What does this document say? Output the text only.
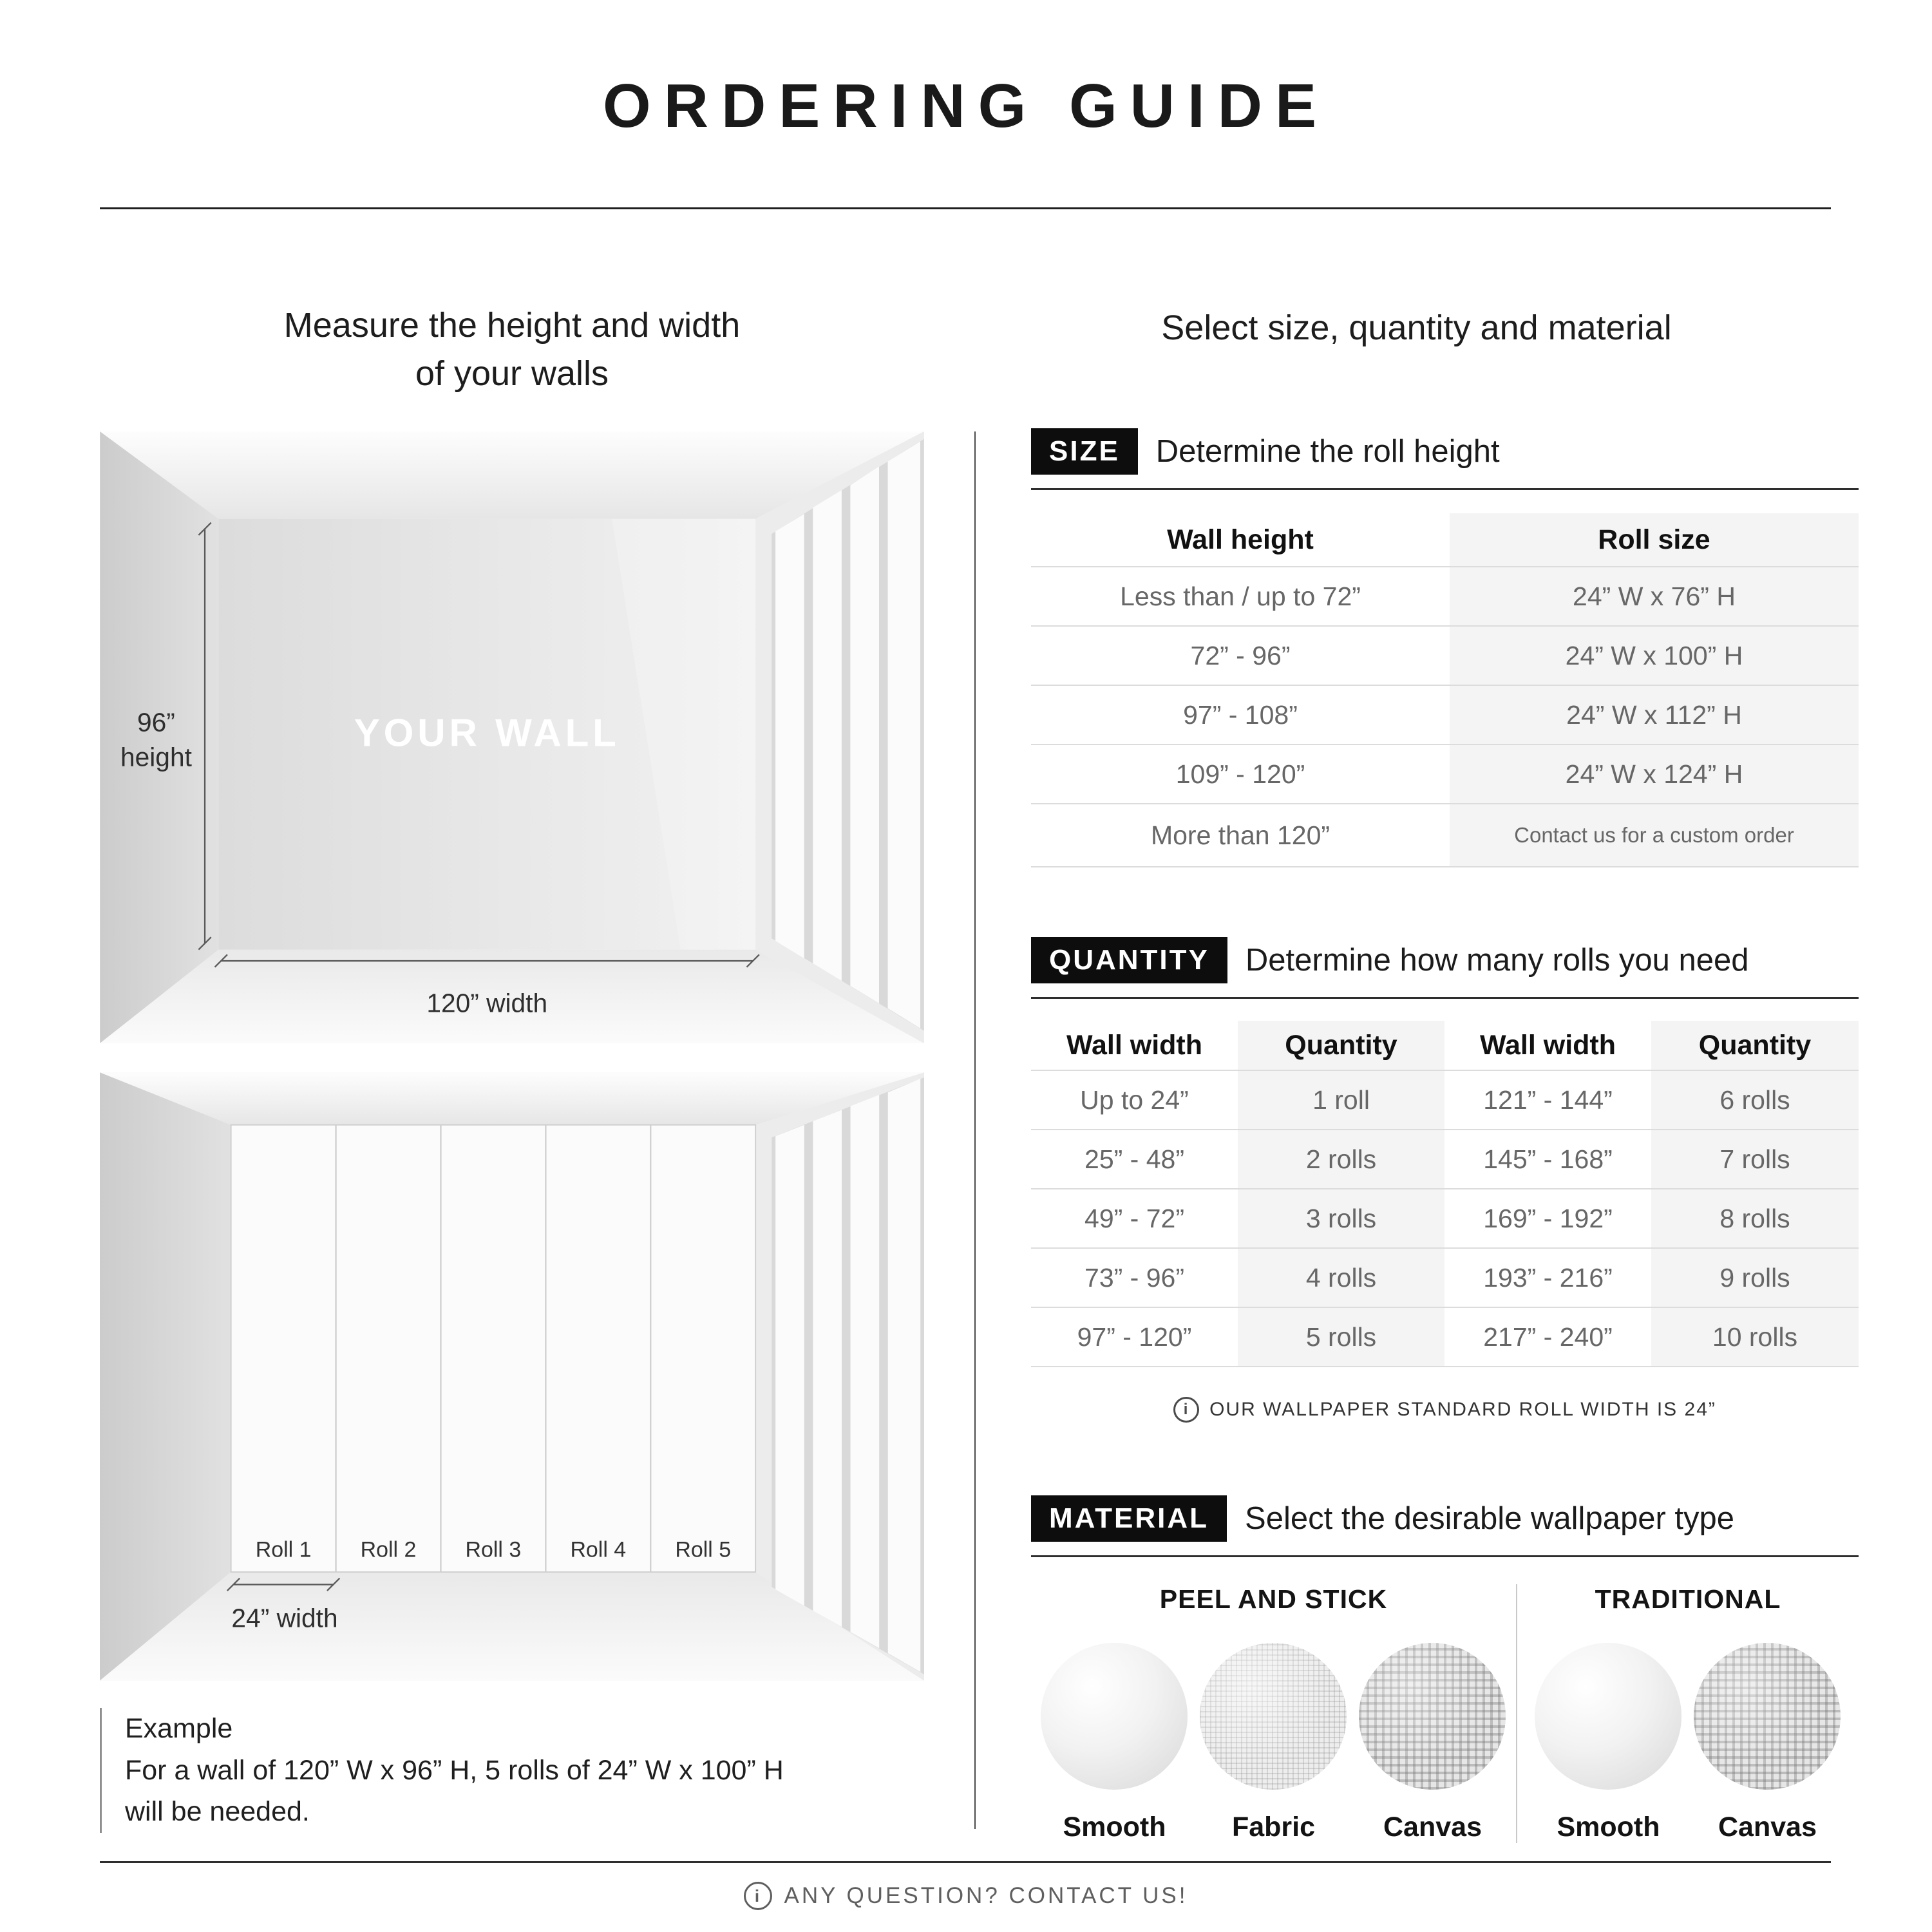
ORDERING GUIDE
Measure the height and width
of your walls
Select size, quantity and material
96”
height
YOUR WALL
120” width
Roll 1	Roll 2	Roll 3	Roll 4	Roll 5
24” width
Example
For a wall of 120” W x 96” H, 5 rolls of 24” W x 100” H
will be needed.
SIZE	Determine the roll height
Wall height	Roll size
Less than / up to 72”	24” W x 76” H
72” - 96”	24” W x 100” H
97” - 108”	24” W x 112” H
109” - 120”	24” W x 124” H
More than 120”	Contact us for a custom order
QUANTITY	Determine how many rolls you need
Wall width	Quantity	Wall width	Quantity
Up to 24”	1 roll	121” - 144”	6 rolls
25” - 48”	2 rolls	145” - 168”	7 rolls
49” - 72”	3 rolls	169” - 192”	8 rolls
73” - 96”	4 rolls	193” - 216”	9 rolls
97” - 120”	5 rolls	217” - 240”	10 rolls
i
OUR WALLPAPER STANDARD ROLL WIDTH IS 24”
MATERIAL	Select the desirable wallpaper type
PEEL AND STICK
Smooth	Fabric	Canvas
TRADITIONAL
Smooth	Canvas
i
ANY QUESTION? CONTACT US!
